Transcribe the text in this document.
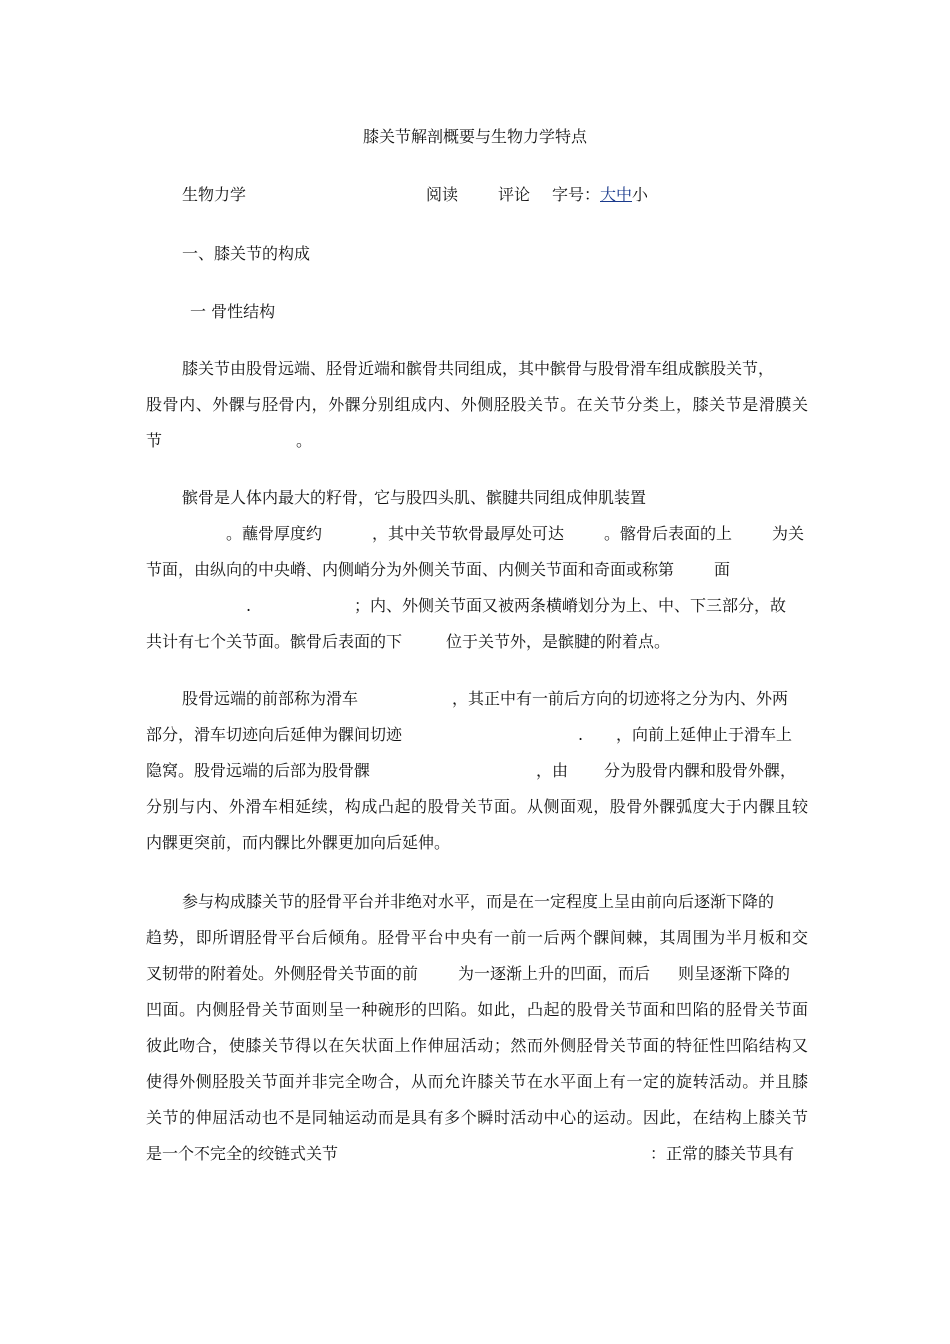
膝关节解剖概要与生物力学特点
生物力学	阅读 评论 字号： 大 中 小
一、膝关节的构成
一 骨性结构
膝关节由股骨远端、胫骨近端和髌骨共同组成，其中髌骨与股骨滑车组成髌股关节，
股骨内、外髁与胫骨内，外髁分别组成内、外侧胫股关节。在关节分类上，膝关节是滑膜关
节	。
髌骨是人体内最大的籽骨，它与股四头肌、髌腱共同组成伸肌装置
。蘸骨厚度约	，其中关节软骨最厚处可达 。髂骨后表面的上 为关
节面，由纵向的中央嵴、内侧峭分为外侧关节面、内侧关节面和奇面或称第 面
.	；内、外侧关节面又被两条横嵴划分为上、中、下三部分，故
共计有七个关节面。髌骨后表面的下	位于关节外，是髌腱的附着点。
股骨远端的前部称为滑车	，其正中有一前后方向的切迹将之分为内、外两
部分，滑车切迹向后延伸为髁间切迹	. ，向前上延伸止于滑车上
隐窝。股骨远端的后部为股骨髁	，由 分为股骨内髁和股骨外髁，
分别与内、外滑车相延续，构成凸起的股骨关节面。从侧面观，股骨外髁弧度大于内髁且较
内髁更突前，而内髁比外髁更加向后延伸。
参与构成膝关节的胫骨平台并非绝对水平，而是在一定程度上呈由前向后逐渐下降的
趋势，即所谓胫骨平台后倾角。胫骨平台中央有一前一后两个髁间棘，其周围为半月板和交
叉韧带的附着处。外侧胫骨关节面的前 为一逐渐上升的凹面，而后 则呈逐渐下降的
凹面。内侧胫骨关节面则呈一种碗形的凹陷。如此，凸起的股骨关节面和凹陷的胫骨关节面
彼此吻合，使膝关节得以在矢状面上作伸屈活动；然而外侧胫骨关节面的特征性凹陷结构又
使得外侧胫股关节面并非完全吻合，从而允许膝关节在水平面上有一定的旋转活动。并且膝
关节的伸屈活动也不是同轴运动而是具有多个瞬时活动中心的运动。因此，在结构上膝关节
是一个不完全的绞链式关节	：正常的膝关节具有
